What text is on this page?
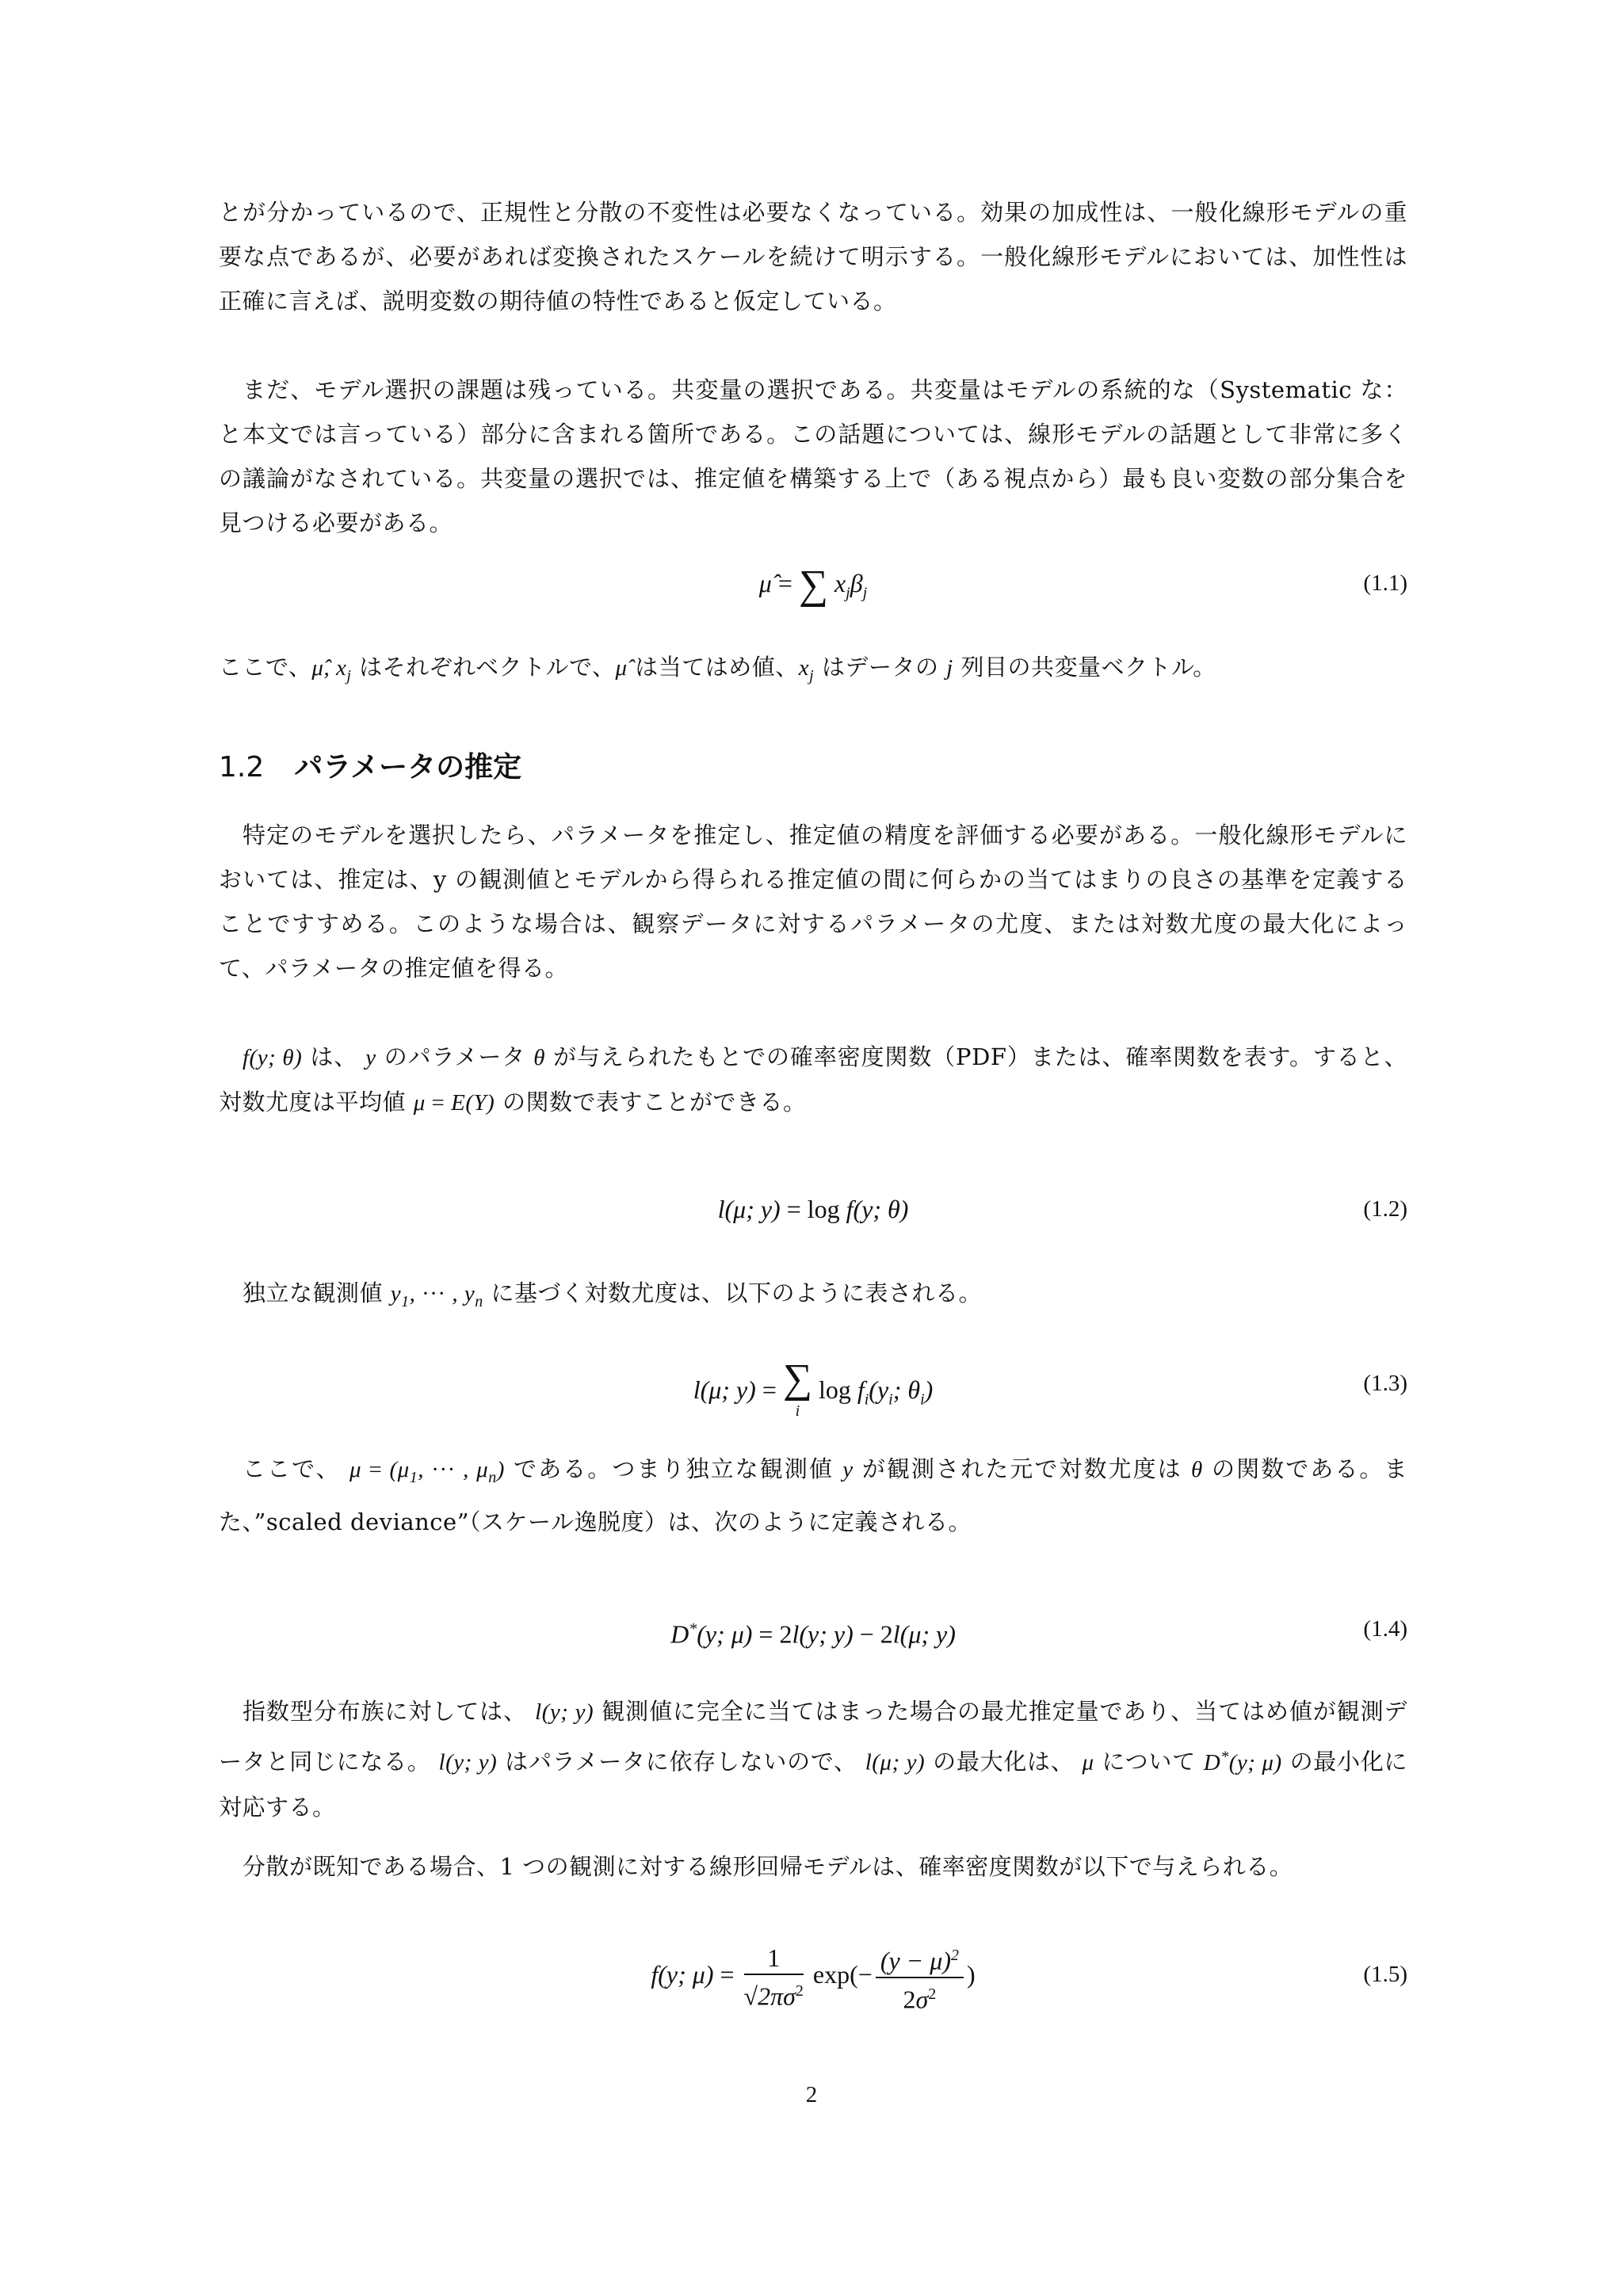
とが分かっているので、正規性と分散の不変性は必要なくなっている。効果の加成性は、一般化線形モデルの重要な点であるが、必要があれば変換されたスケールを続けて明示する。一般化線形モデルにおいては、加性性は正確に言えば、説明変数の期待値の特性であると仮定している。
まだ、モデル選択の課題は残っている。共変量の選択である。共変量はモデルの系統的な（Systematic な：と本文では言っている）部分に含まれる箇所である。この話題については、線形モデルの話題として非常に多くの議論がなされている。共変量の選択では、推定値を構築する上で（ある視点から）最も良い変数の部分集合を見つける必要がある。
μ̂ = ∑ $x_j\beta_j$	(1.1)
ここで、μ̂, $x_j$ はそれぞれベクトルで、μ̂ は当てはめ値、$x_j$ はデータの j 列目の共変量ベクトル。
1.2 パラメータの推定
特定のモデルを選択したら、パラメータを推定し、推定値の精度を評価する必要がある。一般化線形モデルにおいては、推定は、y の観測値とモデルから得られる推定値の間に何らかの当てはまりの良さの基準を定義することですすめる。このような場合は、観察データに対するパラメータの尤度、または対数尤度の最大化によって、パラメータの推定値を得る。
f(y; θ) は、 y のパラメータ θ が与えられたもとでの確率密度関数（PDF）または、確率関数を表す。すると、対数尤度は平均値 μ = E(Y) の関数で表すことができる。
l(μ; y) = log f(y; θ)	(1.2)
独立な観測値 $y_1$, ··· , $y_n$ に基づく対数尤度は、以下のように表される。
l(μ; y) = ∑
i
$\log f_i(y_i$; $\theta_i$)	(1.3)
ここで、 $\mu = (\mu_1$, ··· , $\mu_n$) である。つまり独立な観測値 y が観測された元で対数尤度は θ の関数である。また、”scaled deviance”（スケール逸脱度）は、次のように定義される。
D*(y; μ) = 2l(y; y) − 2l(μ; y)	(1.4)
指数型分布族に対しては、 l(y; y) 観測値に完全に当てはまった場合の最尤推定量であり、当てはめ値が観測データと同じになる。 l(y; y) はパラメータに依存しないので、 l(μ; y) の最大化は、 μ について D*(y; μ) の最小化に対応する。
分散が既知である場合、1 つの観測に対する線形回帰モデルは、確率密度関数が以下で与えられる。
f(y; $\mu) = \frac{1}{√2\pi\sigma^2} \exp(- \frac{(y - \mu)^2}{2\sigma^2}$ )	(1.5)
2
